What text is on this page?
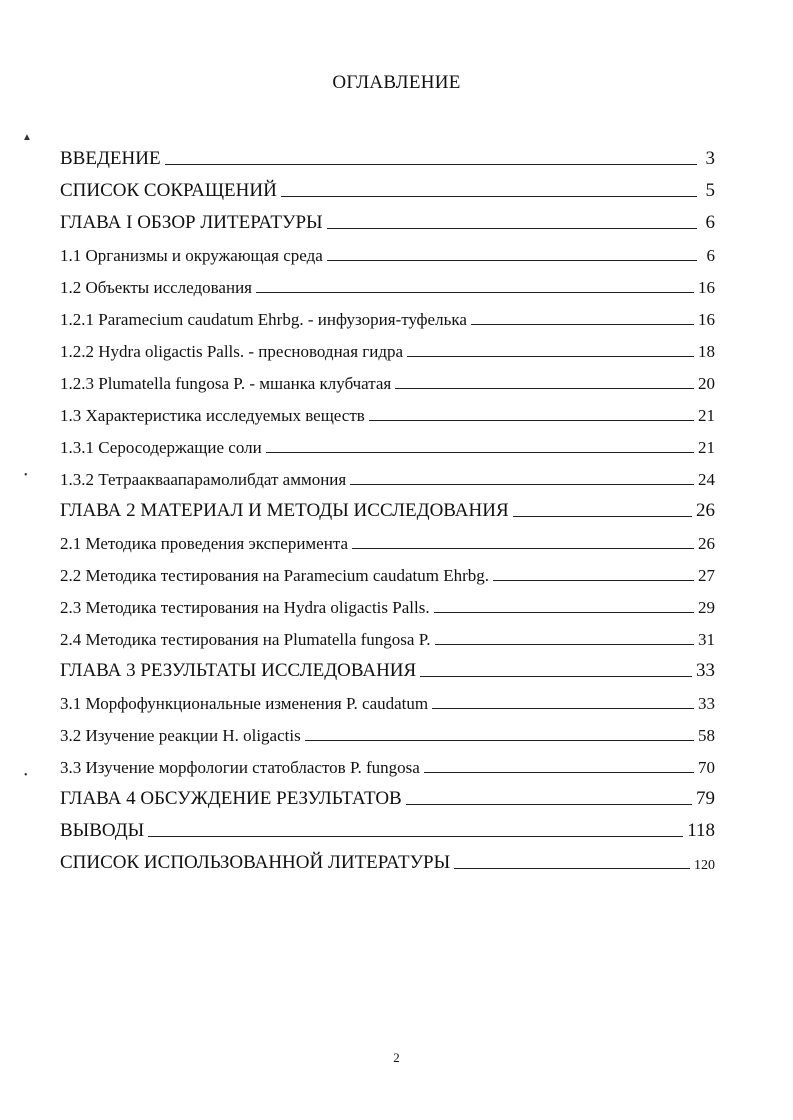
ОГЛАВЛЕНИЕ
▲
•
•
ВВЕДЕНИЕ	3
СПИСОК СОКРАЩЕНИЙ	5
ГЛАВА I ОБЗОР ЛИТЕРАТУРЫ	6
1.1 Организмы и окружающая среда	6
1.2 Объекты исследования	16
1.2.1 Paramecium caudatum Ehrbg. - инфузория-туфелька	16
1.2.2 Hydra oligactis Palls. - пресноводная гидра	18
1.2.3 Plumatella fungosa P. - мшанка клубчатая	20
1.3 Характеристика исследуемых веществ	21
1.3.1 Серосодержащие соли	21
1.3.2 Тетраакваапарамолибдат аммония	24
ГЛАВА 2 МАТЕРИАЛ И МЕТОДЫ ИССЛЕДОВАНИЯ	26
2.1 Методика проведения эксперимента	26
2.2 Методика тестирования на Paramecium caudatum Ehrbg.	27
2.3 Методика тестирования на Hydra oligactis Palls.	29
2.4 Методика тестирования на Plumatella fungosa P.	31
ГЛАВА 3 РЕЗУЛЬТАТЫ ИССЛЕДОВАНИЯ	33
3.1 Морфофункциональные изменения P. caudatum	33
3.2 Изучение реакции H. oligactis	58
3.3 Изучение морфологии статобластов P. fungosa	70
ГЛАВА 4 ОБСУЖДЕНИЕ РЕЗУЛЬТАТОВ	79
ВЫВОДЫ	118
СПИСОК ИСПОЛЬЗОВАННОЙ ЛИТЕРАТУРЫ	120
2
